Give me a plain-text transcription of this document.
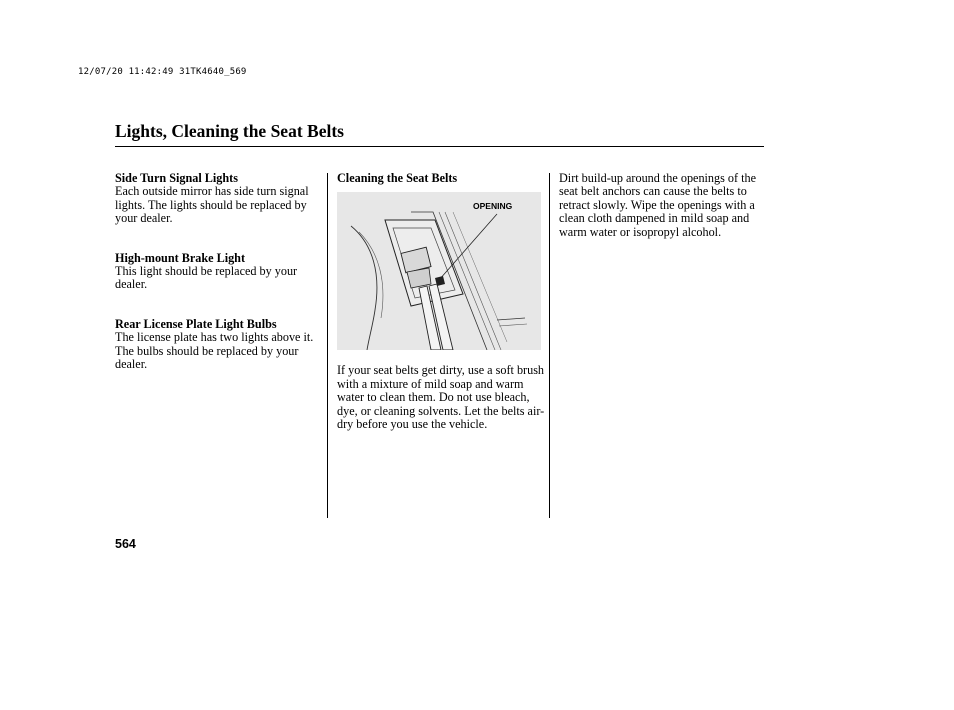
12/07/20 11:42:49 31TK4640_569
Lights, Cleaning the Seat Belts

Side Turn Signal Lights

Each outside mirror has side turn signal lights. The lights should be replaced by your dealer.

High-mount Brake Light

This light should be replaced by your dealer.

Rear License Plate Light Bulbs

The license plate has two lights above it. The bulbs should be replaced by your dealer.

Cleaning the Seat Belts

OPENING

If your seat belts get dirty, use a soft brush with a mixture of mild soap and warm water to clean them. Do not use bleach, dye, or cleaning solvents. Let the belts air-dry before you use the vehicle.

Dirt build-up around the openings of the seat belt anchors can cause the belts to retract slowly. Wipe the openings with a clean cloth dampened in mild soap and warm water or isopropyl alcohol.

564
